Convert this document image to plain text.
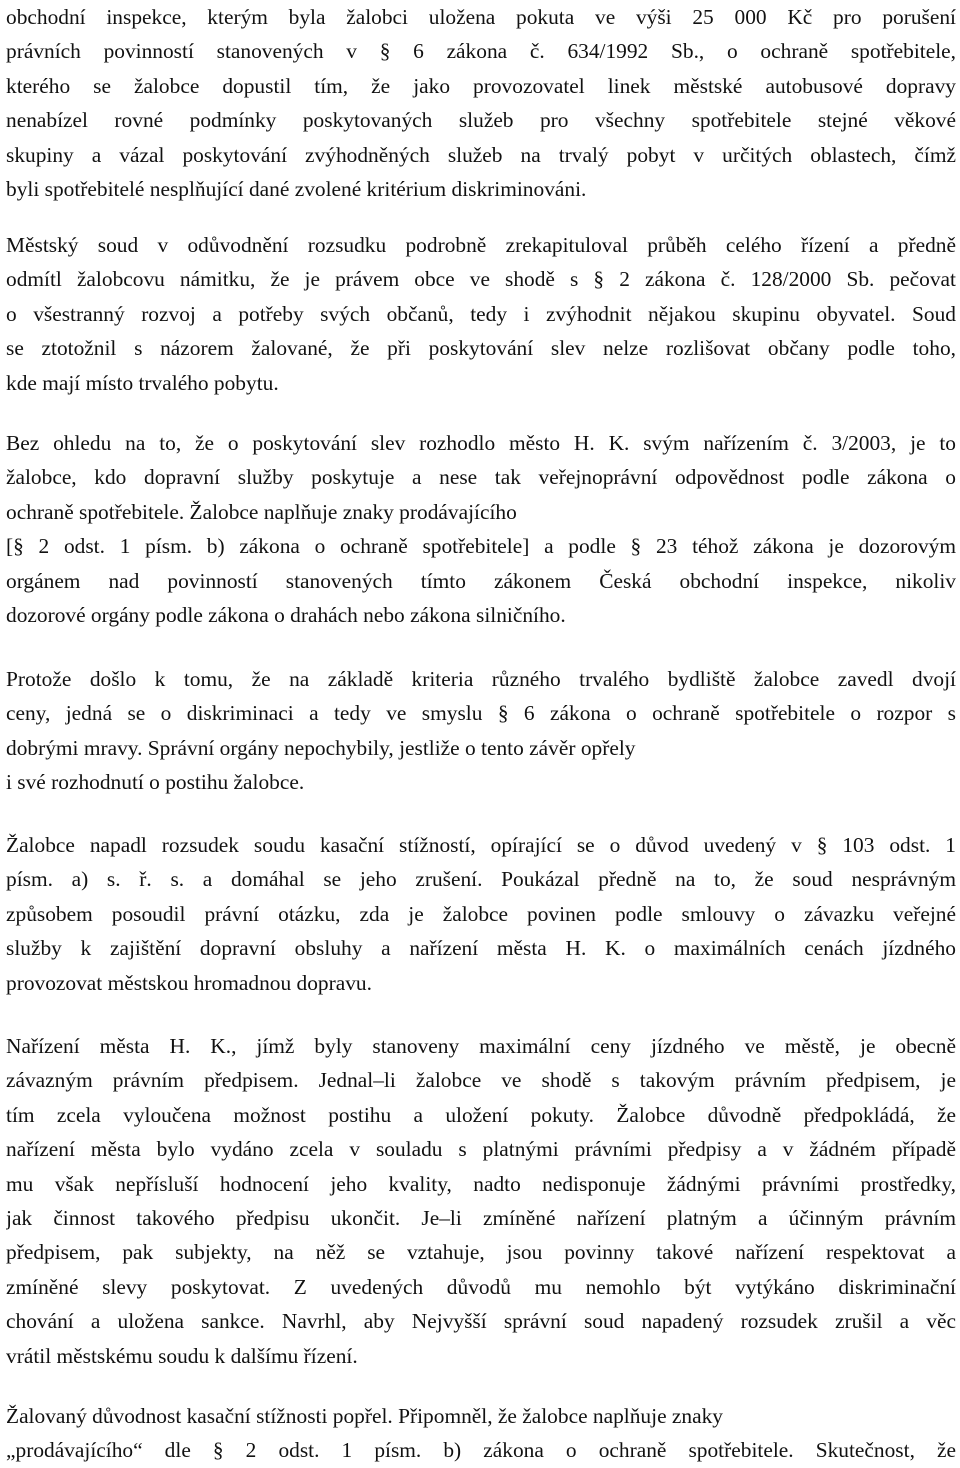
obchodní inspekce, kterým byla žalobci uložena pokuta ve výši 25 000 Kč pro porušení
právních povinností stanovených v § 6 zákona č. 634/1992 Sb., o ochraně spotřebitele,
kterého se žalobce dopustil tím, že jako provozovatel linek městské autobusové dopravy
nenabízel rovné podmínky poskytovaných služeb pro všechny spotřebitele stejné věkové
skupiny a vázal poskytování zvýhodněných služeb na trvalý pobyt v určitých oblastech, čímž
byli spotřebitelé nesplňující dané zvolené kritérium diskriminováni.
Městský soud v odůvodnění rozsudku podrobně zrekapituloval průběh celého řízení a předně
odmítl žalobcovu námitku, že je právem obce ve shodě s § 2 zákona č. 128/2000 Sb. pečovat
o všestranný rozvoj a potřeby svých občanů, tedy i zvýhodnit nějakou skupinu obyvatel. Soud
se ztotožnil s názorem žalované, že při poskytování slev nelze rozlišovat občany podle toho,
kde mají místo trvalého pobytu.
Bez ohledu na to, že o poskytování slev rozhodlo město H. K. svým nařízením č. 3/2003, je to
žalobce, kdo dopravní služby poskytuje a nese tak veřejnoprávní odpovědnost podle zákona o
ochraně spotřebitele. Žalobce naplňuje znaky prodávajícího
[§ 2 odst. 1 písm. b) zákona o ochraně spotřebitele] a podle § 23 téhož zákona je dozorovým
orgánem nad povinností stanovených tímto zákonem Česká obchodní inspekce, nikoliv
dozorové orgány podle zákona o drahách nebo zákona silničního.
Protože došlo k tomu, že na základě kriteria různého trvalého bydliště žalobce zavedl dvojí
ceny, jedná se o diskriminaci a tedy ve smyslu § 6 zákona o ochraně spotřebitele o rozpor s
dobrými mravy. Správní orgány nepochybily, jestliže o tento závěr opřely
i své rozhodnutí o postihu žalobce.
Žalobce napadl rozsudek soudu kasační stížností, opírající se o důvod uvedený v § 103 odst. 1
písm. a) s. ř. s. a domáhal se jeho zrušení. Poukázal předně na to, že soud nesprávným
způsobem posoudil právní otázku, zda je žalobce povinen podle smlouvy o závazku veřejné
služby k zajištění dopravní obsluhy a nařízení města H. K. o maximálních cenách jízdného
provozovat městskou hromadnou dopravu.
Nařízení města H. K., jímž byly stanoveny maximální ceny jízdného ve městě, je obecně
závazným právním předpisem. Jednal–li žalobce ve shodě s takovým právním předpisem, je
tím zcela vyloučena možnost postihu a uložení pokuty. Žalobce důvodně předpokládá, že
nařízení města bylo vydáno zcela v souladu s platnými právními předpisy a v žádném případě
mu však nepřísluší hodnocení jeho kvality, nadto nedisponuje žádnými právními prostředky,
jak činnost takového předpisu ukončit. Je–li zmíněné nařízení platným a účinným právním
předpisem, pak subjekty, na něž se vztahuje, jsou povinny takové nařízení respektovat a
zmíněné slevy poskytovat. Z uvedených důvodů mu nemohlo být vytýkáno diskriminační
chování a uložena sankce. Navrhl, aby Nejvyšší správní soud napadený rozsudek zrušil a věc
vrátil městskému soudu k dalšímu řízení.
Žalovaný důvodnost kasační stížnosti popřel. Připomněl, že žalobce naplňuje znaky
„prodávajícího“ dle § 2 odst. 1 písm. b) zákona o ochraně spotřebitele. Skutečnost, že
